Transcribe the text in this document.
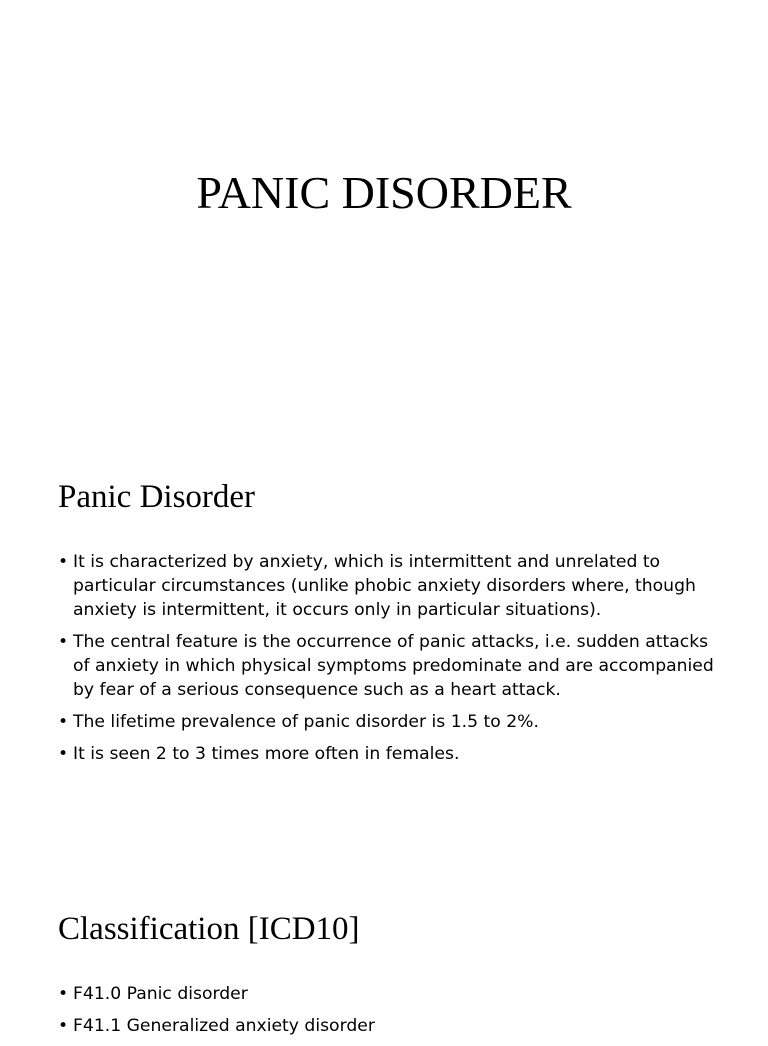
PANIC DISORDER
Panic Disorder
• It is characterized by anxiety, which is intermittent and unrelated to particular circumstances (unlike phobic anxiety disorders where, though anxiety is intermittent, it occurs only in particular situations).
• The central feature is the occurrence of panic attacks, i.e. sudden attacks of anxiety in which physical symptoms predominate and are accompanied by fear of a serious consequence such as a heart attack.
• The lifetime prevalence of panic disorder is 1.5 to 2%.
• It is seen 2 to 3 times more often in females.
Classification [ICD10]
• F41.0 Panic disorder
• F41.1 Generalized anxiety disorder
